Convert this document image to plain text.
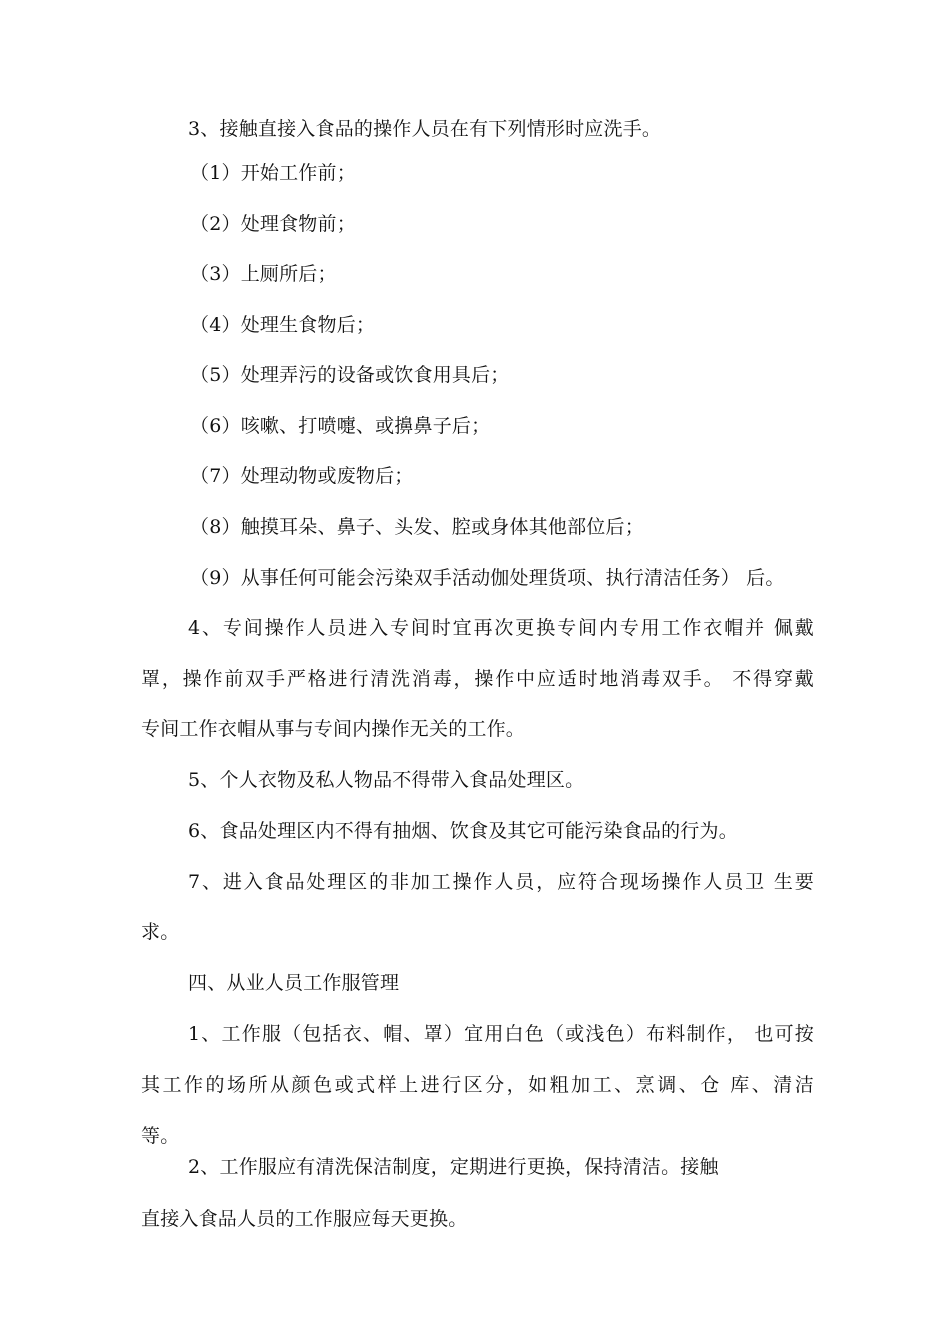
3、接触直接入食品的操作人员在有下列情形时应洗手。
（1）开始工作前；
（2）处理食物前；
（3）上厕所后；
（4）处理生食物后；
（5）处理弄污的设备或饮食用具后；
（6）咳嗽、打喷嚏、或擤鼻子后；
（7）处理动物或废物后；
（8）触摸耳朵、鼻子、头发、腔或身体其他部位后；
（9）从事任何可能会污染双手活动伽处理货项、执行清洁任务） 后。
4、专间操作人员进入专间时宜再次更换专间内专用工作衣帽并 佩戴
罩，操作前双手严格进行清洗消毒，操作中应适时地消毒双手。 不得穿戴
专间工作衣帽从事与专间内操作无关的工作。
5、个人衣物及私人物品不得带入食品处理区。
6、食品处理区内不得有抽烟、饮食及其它可能污染食品的行为。
7、进入食品处理区的非加工操作人员，应符合现场操作人员卫 生要
求。
四、从业人员工作服管理
1、工作服（包括衣、帽、罩）宜用白色（或浅色）布料制作， 也可按
其工作的场所从颜色或式样上进行区分，如粗加工、烹调、仓 库、清洁
等。
2、工作服应有清洗保洁制度，定期进行更换，保持清洁。接触
直接入食品人员的工作服应每天更换。
